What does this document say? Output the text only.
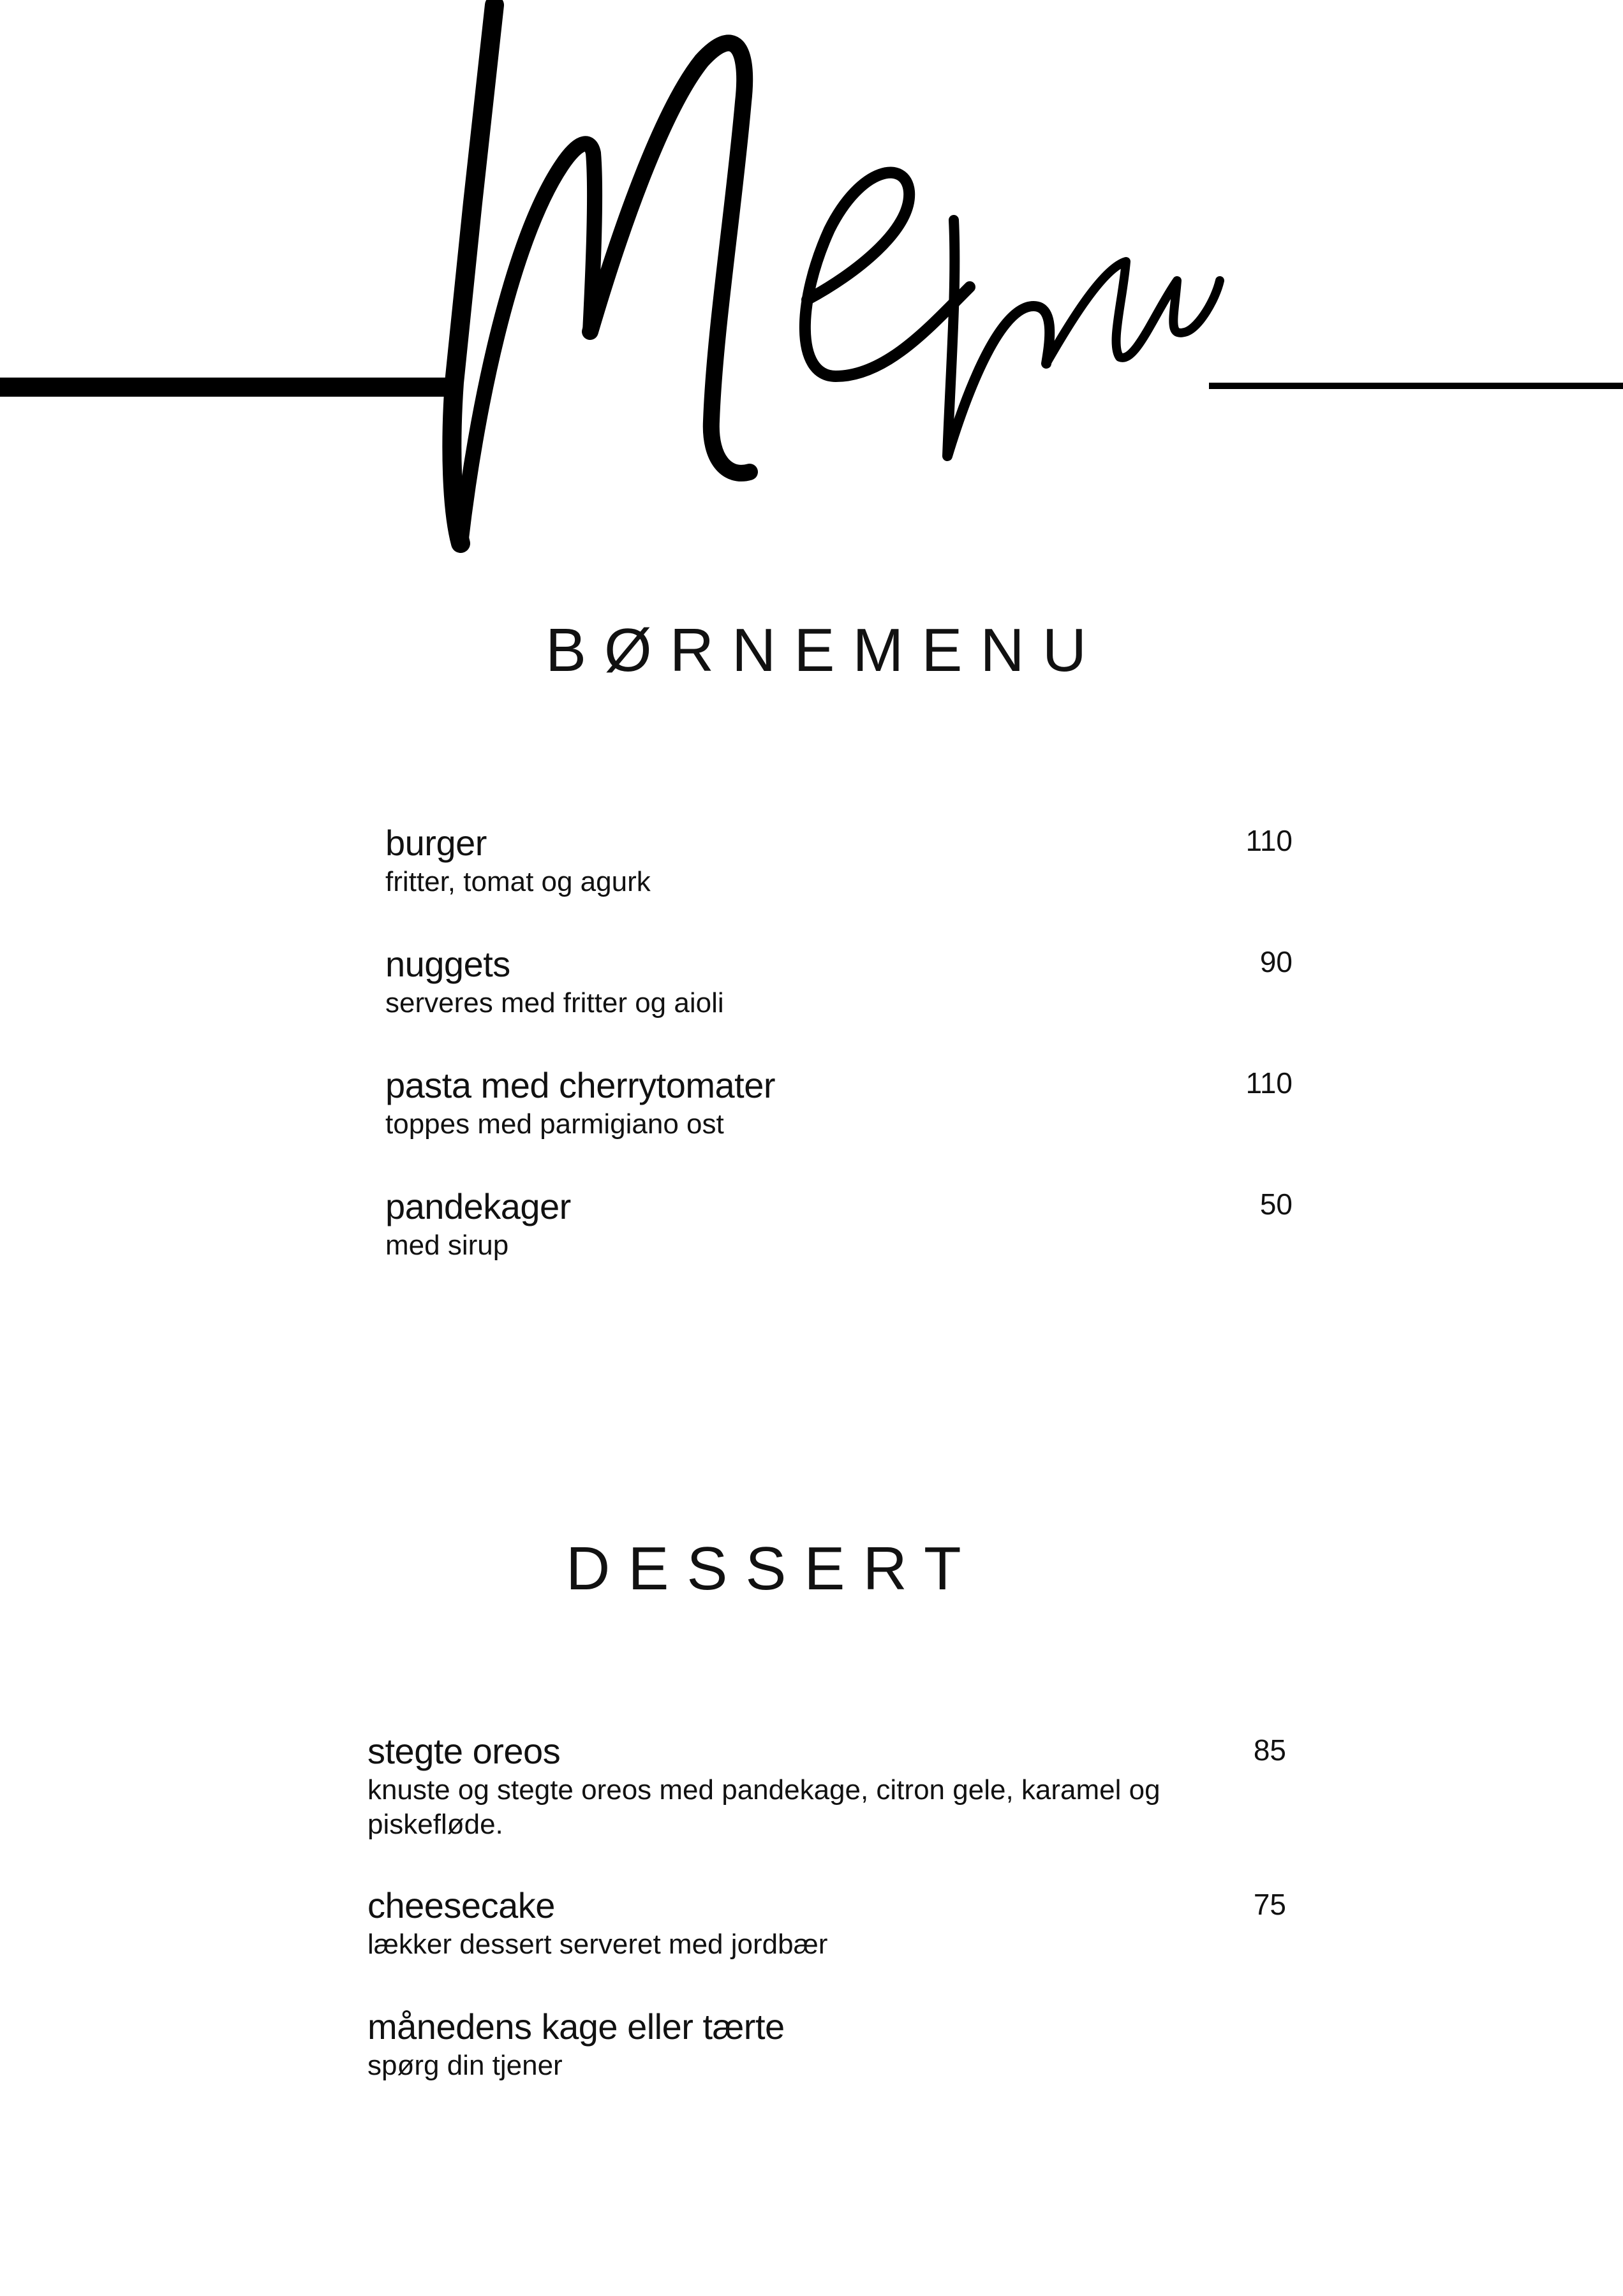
BØRNEMENU
burger
fritter, tomat og agurk
110
nuggets
serveres med fritter og aioli
90
pasta med cherrytomater
toppes med parmigiano ost
110
pandekager
med sirup
50
DESSERT
stegte oreos
knuste og stegte oreos med pandekage, citron gele, karamel og piskefløde.
85
cheesecake
lækker dessert serveret med jordbær
75
månedens kage eller tærte
spørg din tjener
